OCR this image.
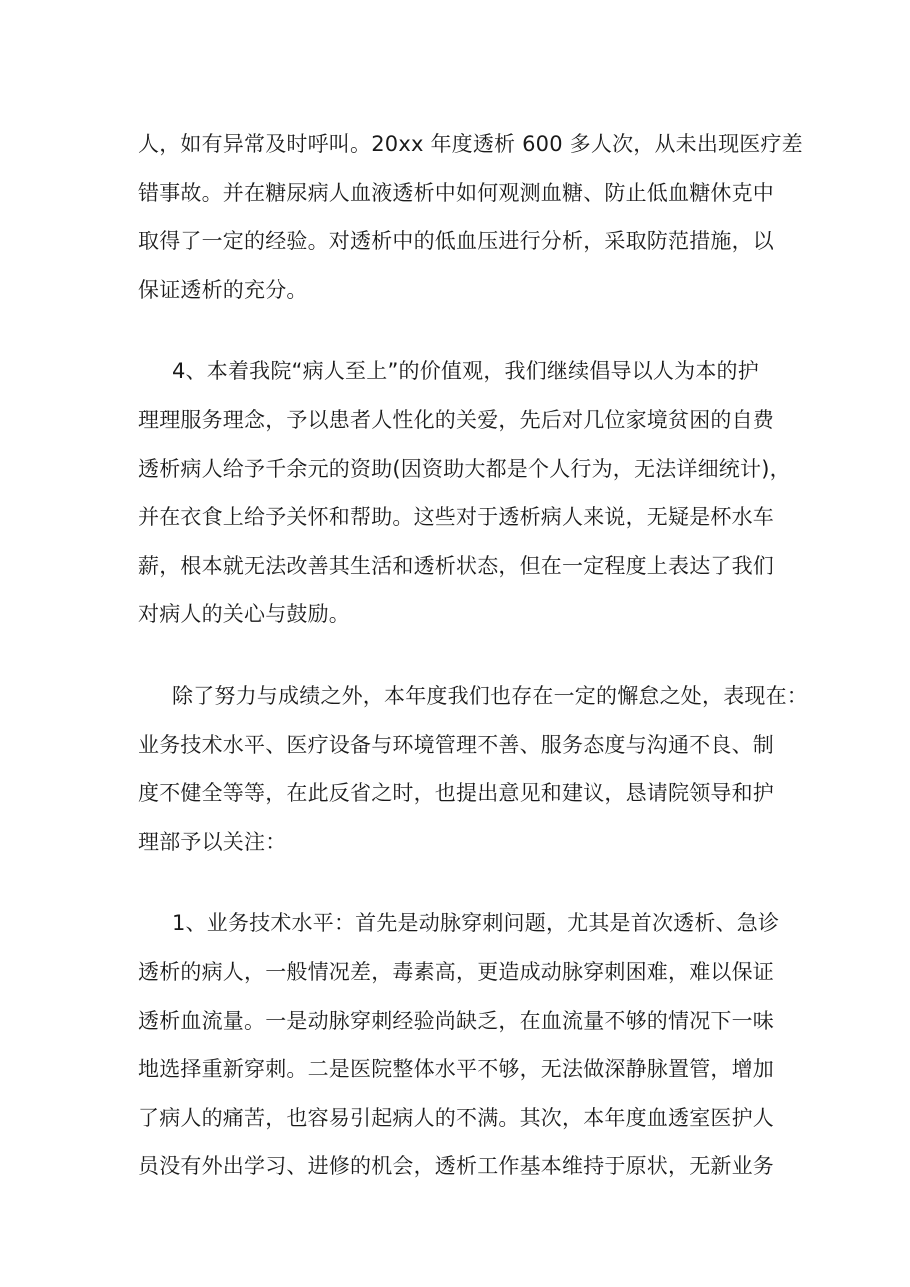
人，如有异常及时呼叫。20xx 年度透析 600 多人次，从未出现医疗差
错事故。并在糖尿病人血液透析中如何观测血糖、防止低血糖休克中
取得了一定的经验。对透析中的低血压进行分析，采取防范措施，以
保证透析的充分。
4、本着我院“病人至上”的价值观，我们继续倡导以人为本的护
理理服务理念，予以患者人性化的关爱，先后对几位家境贫困的自费
透析病人给予千余元的资助(因资助大都是个人行为，无法详细统计)，
并在衣食上给予关怀和帮助。这些对于透析病人来说，无疑是杯水车
薪，根本就无法改善其生活和透析状态，但在一定程度上表达了我们
对病人的关心与鼓励。
除了努力与成绩之外，本年度我们也存在一定的懈怠之处，表现在：
业务技术水平、医疗设备与环境管理不善、服务态度与沟通不良、制
度不健全等等，在此反省之时，也提出意见和建议，恳请院领导和护
理部予以关注：
1、业务技术水平：首先是动脉穿刺问题，尤其是首次透析、急诊
透析的病人，一般情况差，毒素高，更造成动脉穿刺困难，难以保证
透析血流量。一是动脉穿刺经验尚缺乏，在血流量不够的情况下一味
地选择重新穿刺。二是医院整体水平不够，无法做深静脉置管，增加
了病人的痛苦，也容易引起病人的不满。其次，本年度血透室医护人
员没有外出学习、进修的机会，透析工作基本维持于原状，无新业务
